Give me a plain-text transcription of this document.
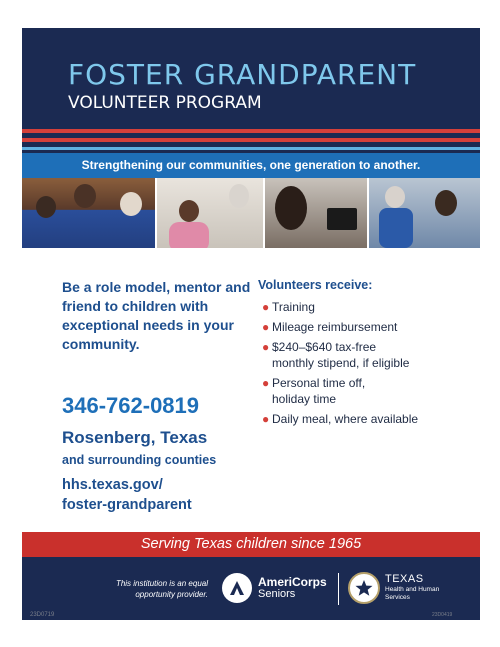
FOSTER GRANDPARENT
VOLUNTEER PROGRAM
Strengthening our communities, one generation to another.
Be a role model, mentor and friend to children with exceptional needs in your community.
346-762-0819
Rosenberg, Texas
and surrounding counties
hhs.texas.gov/
foster-grandparent
Volunteers receive:
● Training
● Mileage reimbursement
● $240–$640 tax-free
monthly stipend, if eligible
● Personal time off,
holiday time
● Daily meal, where available
Serving Texas children since 1965
This institution is an equal opportunity provider.
AmeriCorps
Seniors
TEXAS
Health and Human Services
23D0719	23D0419
